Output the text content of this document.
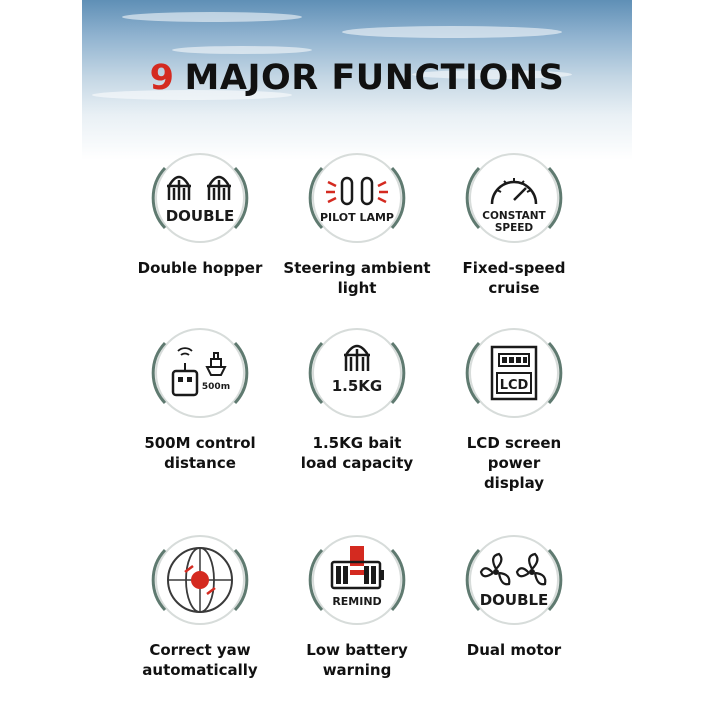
9 MAJOR FUNCTIONS
DOUBLE
Double hopper
PILOT LAMP
Steering ambient
light
CONSTANT
SPEED
Fixed-speed
cruise
500m
500M control
distance
1.5KG
1.5KG bait
load capacity
LCD
LCD screen power
display
Correct yaw
automatically
REMIND
Low battery
warning
DOUBLE
Dual motor
